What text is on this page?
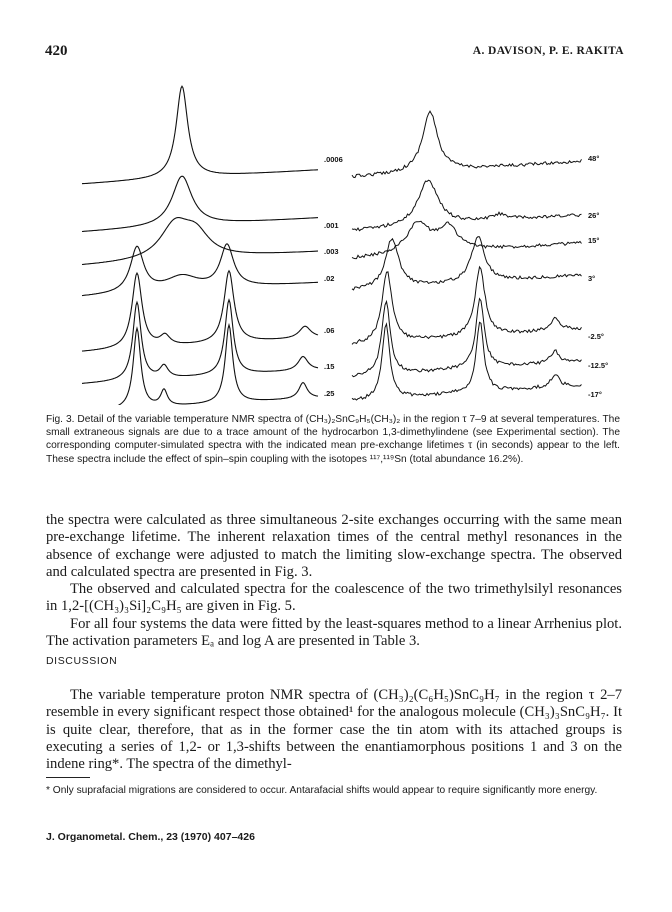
420	A. DAVISON, P. E. RAKITA
.0006
.001
.003
.02
.06
.15
.25
48°
26°
15°
3°
-2.5°
-12.5°
-17°
Fig. 3. Detail of the variable temperature NMR spectra of (CH₃)₂SnC₉H₅(CH₃)₂ in the region τ 7–9 at several temperatures. The small extraneous signals are due to a trace amount of the hydrocarbon 1,3-dimethylindene (see Experimental section). The corresponding computer-simulated spectra with the indicated mean pre-exchange lifetimes τ (in seconds) appear to the left. These spectra include the effect of spin–spin coupling with the isotopes ¹¹⁷,¹¹⁹Sn (total abundance 16.2%).

the spectra were calculated as three simultaneous 2-site exchanges occurring with the same mean pre-exchange lifetime. The inherent relaxation times of the central methyl resonances in the absence of exchange were adjusted to match the limiting slow-exchange spectra. The observed and calculated spectra are presented in Fig. 3.

The observed and calculated spectra for the coalescence of the two trimethylsilyl resonances in 1,2-[(CH₃)₃Si]₂C₉H₅ are given in Fig. 5.

For all four systems the data were fitted by the least-squares method to a linear Arrhenius plot. The activation parameters Eₐ and log A are presented in Table 3.

DISCUSSION

The variable temperature proton NMR spectra of (CH₃)₂(C₆H₅)SnC₉H₇ in the region τ 2–7 resemble in every significant respect those obtained¹ for the analogous molecule (CH₃)₃SnC₉H₇. It is quite clear, therefore, that as in the former case the tin atom with its attached groups is executing a series of 1,2- or 1,3-shifts between the enantiamorphous positions 1 and 3 on the indene ring*. The spectra of the dimethyl-

* Only suprafacial migrations are considered to occur. Antarafacial shifts would appear to require significantly more energy.
J. Organometal. Chem., 23 (1970) 407–426
